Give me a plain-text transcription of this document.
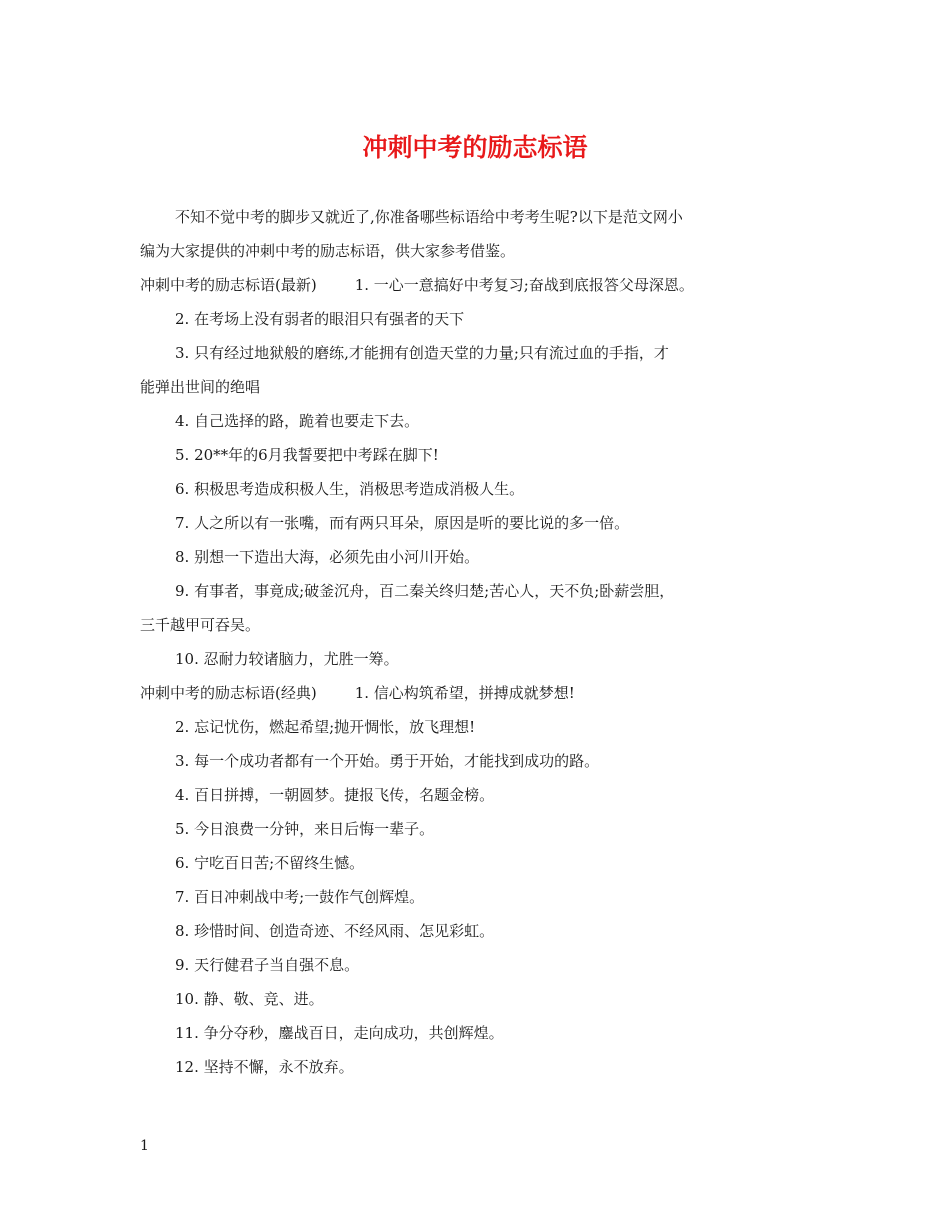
冲刺中考的励志标语
不知不觉中考的脚步又就近了,你准备哪些标语给中考考生呢?以下是范文网小
编为大家提供的冲刺中考的励志标语，供大家参考借鉴。
冲刺中考的励志标语(最新)	1. 一心一意搞好中考复习;奋战到底报答父母深恩。
2. 在考场上没有弱者的眼泪只有强者的天下
3. 只有经过地狱般的磨练,才能拥有创造天堂的力量;只有流过血的手指，才
能弹出世间的绝唱
4. 自己选择的路，跪着也要走下去。
5. 20**年的6月我誓要把中考踩在脚下!
6. 积极思考造成积极人生，消极思考造成消极人生。
7. 人之所以有一张嘴，而有两只耳朵，原因是听的要比说的多一倍。
8. 别想一下造出大海，必须先由小河川开始。
9. 有事者，事竟成;破釜沉舟，百二秦关终归楚;苦心人，天不负;卧薪尝胆，
三千越甲可吞吴。
10. 忍耐力较诸脑力，尤胜一筹。
冲刺中考的励志标语(经典)	1. 信心构筑希望，拼搏成就梦想!
2. 忘记忧伤，燃起希望;抛开惆怅，放飞理想!
3. 每一个成功者都有一个开始。勇于开始，才能找到成功的路。
4. 百日拼搏，一朝圆梦。捷报飞传，名题金榜。
5. 今日浪费一分钟，来日后悔一辈子。
6. 宁吃百日苦;不留终生憾。
7. 百日冲刺战中考;一鼓作气创辉煌。
8. 珍惜时间、创造奇迹、不经风雨、怎见彩虹。
9. 天行健君子当自强不息。
10. 静、敬、竞、进。
11. 争分夺秒，鏖战百日，走向成功，共创辉煌。
12. 坚持不懈，永不放弃。
1
